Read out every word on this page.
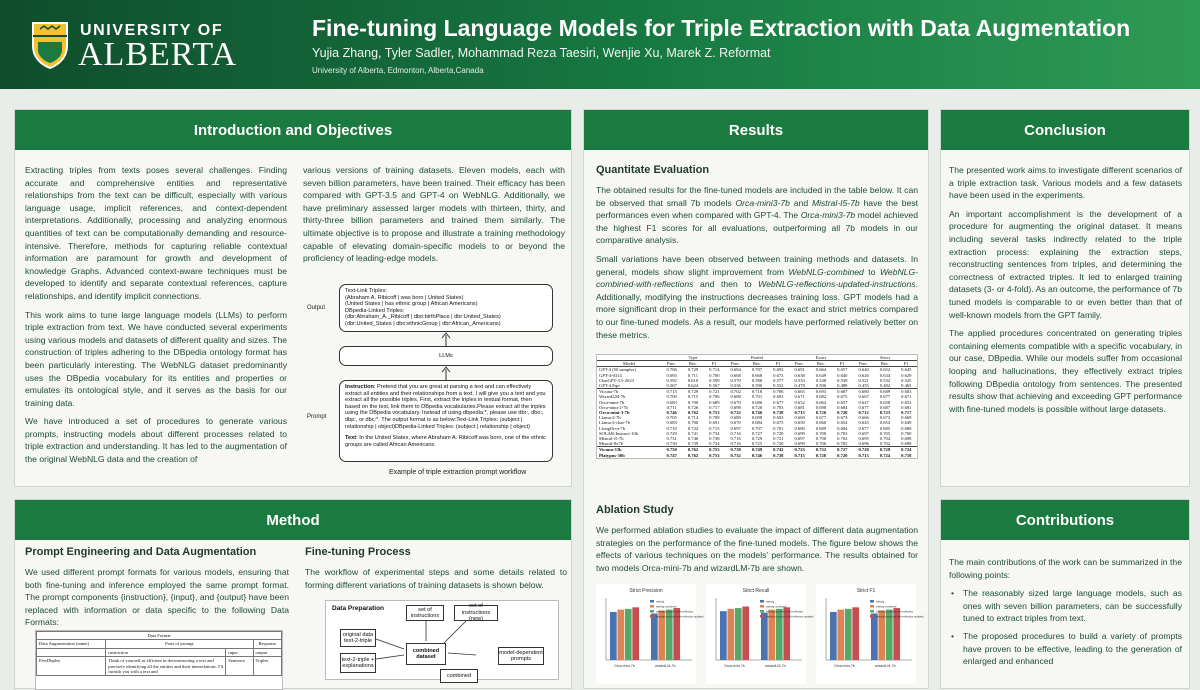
UNIVERSITY OF
ALBERTA
Fine-tuning Language Models for Triple Extraction with Data Augmentation
Yujia Zhang, Tyler Sadler, Mohammad Reza Taesiri, Wenjie Xu, Marek Z. Reformat
University of Alberta, Edmonton, Alberta,Canada
Introduction and Objectives

Extracting triples from texts poses several challenges. Finding accurate and comprehensive entities and representative relationships from the text can be difficult, especially with various language usage, implicit references, and context-dependent interpretations. Additionally, processing and analyzing enormous quantities of text can be computationally demanding and resource-intensive. Therefore, methods for capturing reliable contextual information are paramount for growth and development of knowledge Graphs. Advanced context-aware techniques must be developed to identify and separate contextual references, capture relationships, and identify implicit connections.

This work aims to tune large language models (LLMs) to perform triple extraction from text. We have conducted several experiments using various models and datasets of different quality and sizes. The construction of triples adhering to the DBpedia ontology format has been particularly interesting. The WebNLG dataset predominantly uses the DBpedia vocabulary for its entities and properties or emulates its ontological style, and it serves as the basis for our training data.

We have introduced a set of procedures to generate various prompts, instructing models about different processes related to triple extraction and understanding. It has led to the augmentation of the original WebNLG data and the creation of

various versions of training datasets. Eleven models, each with seven billion parameters, have been trained. Their efficacy has been compared with GPT-3.5 and GPT-4 on WebNLG. Additionally, we have preliminary assessed larger models with thirteen, thirty, and thirty-three billion parameters and trained them similarly. The ultimate objective is to propose and illustrate a training methodology capable of elevating domain-specific models to or beyond the proficiency of leading-edge models.

Output
Text-Link Triples:
(Abraham A. Ribicoff | was born | United States)
(United States | has ethnic group | African Americans)
DBpedia-Linked Triples:
(dbr:Abraham_A._Ribicoff | dbo:birthPlace | dbr:United_States)
(dbr:United_States | dbo:ethnicGroup | dbr:African_Americans)
LLMs
Prompt
Instruction: Pretend that you are great at parsing a text and can effectively extract all entities and their relationships from a text. I will give you a text and you extract all the possible triples. First, extract the triples in textual format, then based on the text, link them to DBpedia vocabularies.Please extract all the triples using the DBpedia vocabulary. Instead of using dbpedia:*, please use dbr:, dbo:, dbp:, or dbc:*. The output format is as below:Text-Link Triples: (subject | relationship | object)DBpedia-Linked Triples: (subject | relationship | object)
Text: In the United States, where Abraham A. Ribicoff was born, one of the ethnic groups are called African Americans.
Example of triple extraction prompt workflow
Method
Prompt Engineering and Data Augmentation
We used different prompt formats for various models, ensuring that both fine-tuning and inference employed the same prompt format. The prompt components {instruction}, {input}, and {output} have been replaced with information or data specific to the following Data Formats:
Data Format			
Data Augmentation (name)	Parts of prompt		Response
	instruction	input	output
FewDbpley	Think of yourself as efficient in deconstructing a text and precisely identifying all the entities and their interrelations. I'll furnish you with a text and	Sentence	Triples
Fine-tuning Process
The workflow of experimental steps and some details related to forming different variations of training datasets is shown below.
Data Preparation	set of instructions
set of instructions (new)
original data text-2-triple
text-2-triple + explanations
combined dataset
model-dependent prompts
combined
Results
Quantitate Evaluation

The obtained results for the fine-tuned models are included in the table below. It can be observed that small 7b models Orca-mini3-7b and Mistral-I5-7b have the best performances even when compared with GPT-4. The Orca-mini3-7b model achieved the highest F1 scores for all evaluations, outperforming all 7b models in our comparative analysis.

Small variations have been observed between training methods and datasets. In general, models show slight improvement from WebNLG-combined to WebNLG-combined-with-reflections and then to WebNLG-reflections-updated-instructions. Additionally, modifying the instructions decreases training loss. GPT models had a more significant drop in their performance for the exact and strict metrics compared to our fine-tuned models. As a result, our models have performed relatively better on these metrics.

	Type			Partial			Exact			Strict		
Model	Prec.	Rec.	F1	Prec.	Rec.	F1	Prec.	Rec.	F1	Prec.	Rec.	F1
GPT-4 (50 samples)	0.706	0.729	0.714	0.684	0.707	0.692	0.691	0.664	0.657	0.640	0.652	0.645
GPT-4-0314	0.693	0.711	0.700	0.668	0.668	0.673	0.638	0.649	0.640	0.626	0.634	0.629
ChatGPT-3.5-2023	0.592	0.610	0.599	0.570	0.588	0.577	0.533	0.548	0.539	0.521	0.532	0.525
GPT-4 Eqn	0.567	0.624	0.567	0.536	0.590	0.552	0.478	0.506	0.488	0.455	0.482	0.465
Vicuna-7b	0.715	0.729	0.721	0.702	0.718	0.706	0.665	0.693	0.687	0.680	0.689	0.683
WizardLM-7b	0.700	0.715	0.706	0.688	0.701	0.693	0.671	0.682	0.675	0.667	0.677	0.671
Orca-mini-7b	0.683	0.700	0.689	0.670	0.686	0.677	0.652	0.664	0.657	0.647	0.658	0.652
Orca-mini-2-7b	0.711	0.726	0.717	0.698	0.720	0.703	0.681	0.690	0.684	0.677	0.687	0.681
Orca-mini-3-7b	0.746	0.762	0.753	0.732	0.746	0.738	0.715	0.726	0.720	0.712	0.723	0.717
Llama-2-7b	0.705	0.714	0.708	0.689	0.698	0.693	0.669	0.677	0.673	0.666	0.673	0.669
Llama-2-chat-7b	0.683	0.700	0.691	0.670	0.684	0.675	0.650	0.660	0.654	0.645	0.654	0.649
LlongOrca-7b	0.710	0.722	0.715	0.697	0.707	0.701	0.680	0.689	0.684	0.677	0.685	0.680
SOLAR-Instruct-10b	0.729	0.741	0.734	0.716	0.727	0.720	0.699	0.708	0.703	0.697	0.705	0.700
Mistral-i5-7b	0.731	0.746	0.738	0.716	0.729	0.721	0.697	0.708	0.702	0.695	0.704	0.698
Mistral-8x7b	0.730	0.739	0.734	0.716	0.725	0.720	0.699	0.706	0.702	0.696	0.702	0.698
Vicuna-33b	0.750	0.762	0.755	0.738	0.749	0.742	0.723	0.732	0.727	0.720	0.729	0.724
Platypus-30b	0.747	0.762	0.753	0.732	0.746	0.738	0.715	0.726	0.720	0.713	0.724	0.718
Ablation Study
We performed ablation studies to evaluate the impact of different data augmentation strategies on the performance of the fine-tuned models. The figure below shows the effects of various techniques on the models' performance. The results obtained for two models Orca-mini-7b and wizardLM-7b are shown.
Strict Precision
Orca-mini-7b	wizardLM-7b
webnlg
webnlg-combined
webnlg-combined-with-reflection
webnlg-combined-with-reflection-updated
Strict Recall
Orca-mini-7b	wizardLM-7b
webnlg
webnlg-combined
webnlg-combined-with-reflection
webnlg-combined-with-reflection-updated
Strict F1
Orca-mini-7b	wizardLM-7b
webnlg
webnlg-combined
webnlg-combined-with-reflection
webnlg-combined-with-reflection-updated
Conclusion

The presented work aims to investigate different scenarios of a triple extraction task. Various models and a few datasets have been used in the experiments.

An important accomplishment is the development of a procedure for augmenting the original dataset. It means including several tasks indirectly related to the triple extraction process: explaining the extraction steps, reconstructing sentences from triples, and determining the correctness of extracted triples. It led to enlarged training datasets (3- or 4-fold). As an outcome, the performance of 7b tuned models is comparable to or even better than that of well-known models from the GPT family.

The applied procedures concentrated on generating triples containing elements compatible with a specific vocabulary, in our case, DBpedia. While our models suffer from occasional looping and hallucinations, they effectively extract triples following DBpedia ontology from sentences. The presented results show that achieving and exceeding GPT performance with fine-tuned models is possible without large datasets.

Contributions

The main contributions of the work can be summarized in the following points:

• The reasonably sized large language models, such as ones with seven billion parameters, can be successfully tuned to extract triples from text.
• The proposed procedures to build a variety of prompts have proven to be effective, leading to the generation of enlarged and enhanced
